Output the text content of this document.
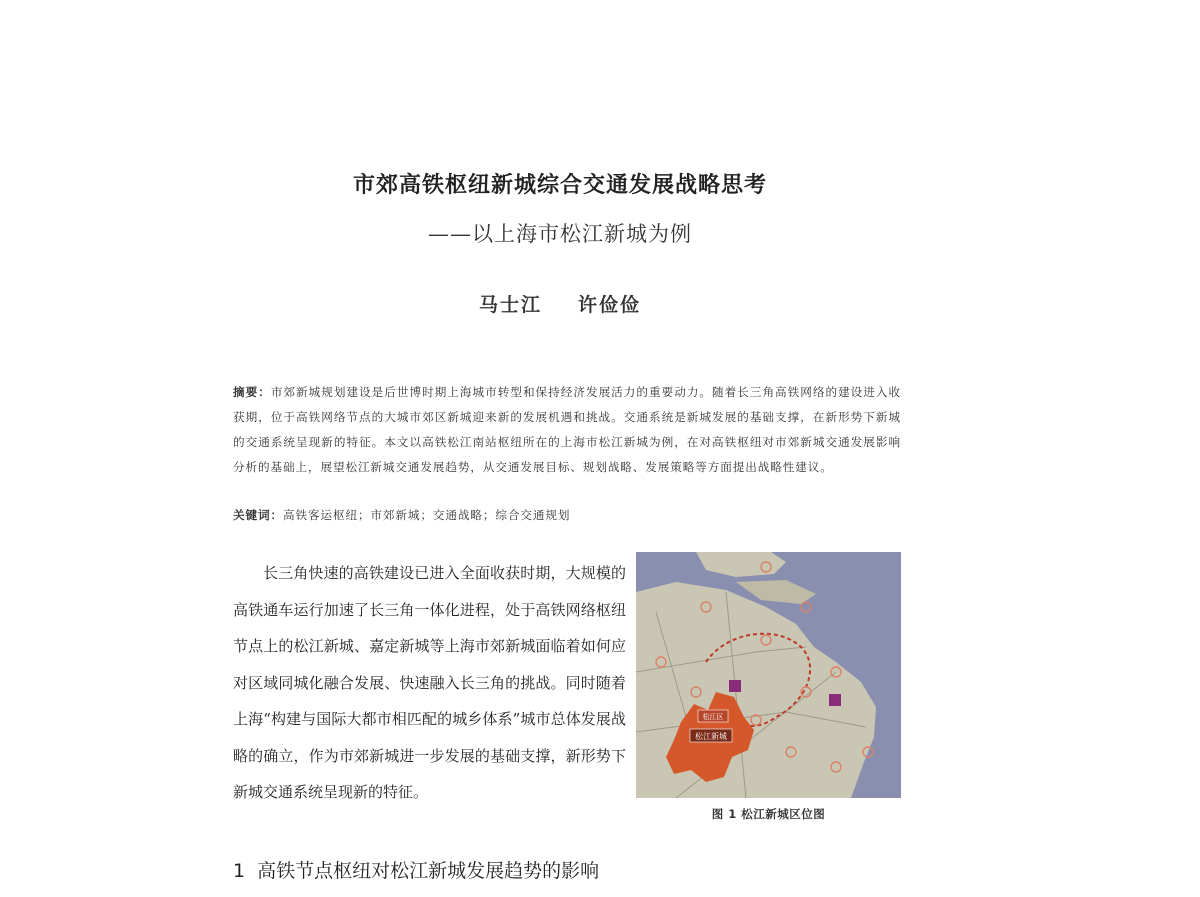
市郊高铁枢纽新城综合交通发展战略思考
——以上海市松江新城为例
马士江 许俭俭
摘要：市郊新城规划建设是后世博时期上海城市转型和保持经济发展活力的重要动力。随着长三角高铁网络的建设进入收获期，位于高铁网络节点的大城市郊区新城迎来新的发展机遇和挑战。交通系统是新城发展的基础支撑，在新形势下新城的交通系统呈现新的特征。本文以高铁松江南站枢纽所在的上海市松江新城为例，在对高铁枢纽对市郊新城交通发展影响分析的基础上，展望松江新城交通发展趋势，从交通发展目标、规划战略、发展策略等方面提出战略性建议。
关键词：高铁客运枢纽；市郊新城；交通战略；综合交通规划
长三角快速的高铁建设已进入全面收获时期，大规模的高铁通车运行加速了长三角一体化进程，处于高铁网络枢纽节点上的松江新城、嘉定新城等上海市郊新城面临着如何应对区域同城化融合发展、快速融入长三角的挑战。同时随着上海“构建与国际大都市相匹配的城乡体系”城市总体发展战略的确立，作为市郊新城进一步发展的基础支撑，新形势下新城交通系统呈现新的特征。
松江区
松江新城
图 1 松江新城区位图
1 高铁节点枢纽对松江新城发展趋势的影响
